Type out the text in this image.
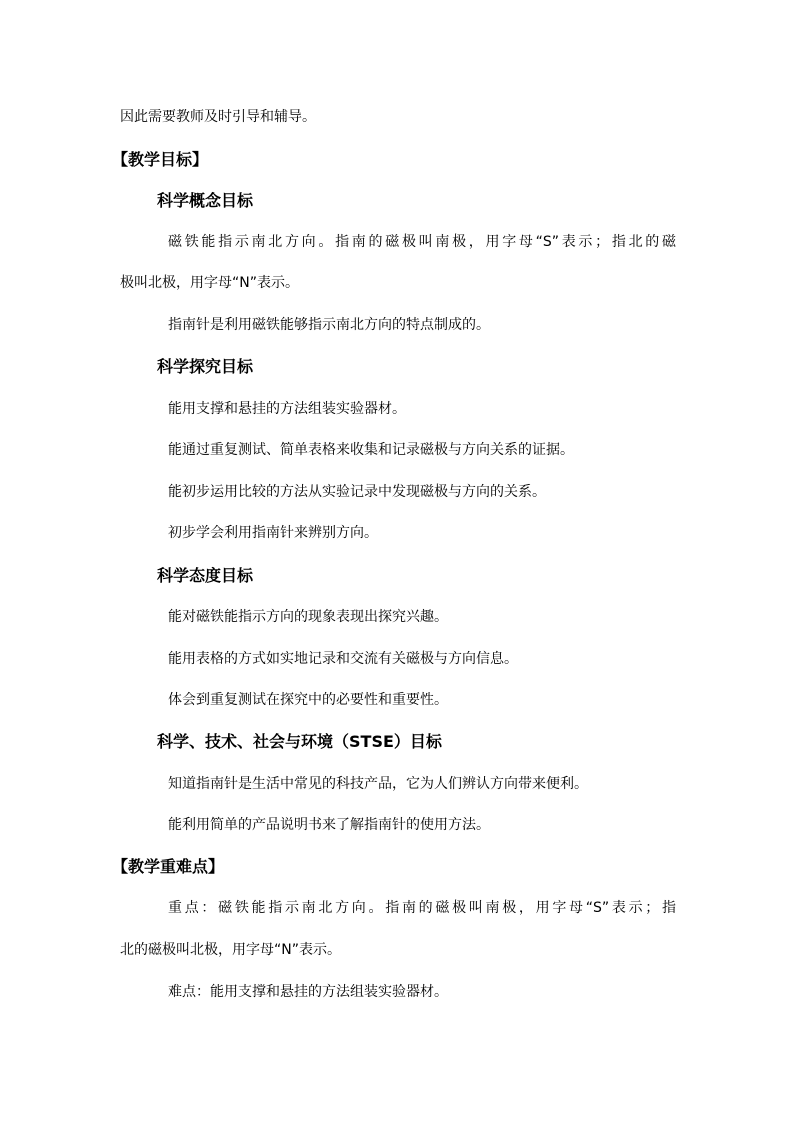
因此需要教师及时引导和辅导。
【教学目标】
科学概念目标
磁铁能指示南北方向。指南的磁极叫南极，用字母“S”表示；指北的磁
极叫北极，用字母“N”表示。
指南针是利用磁铁能够指示南北方向的特点制成的。
科学探究目标
能用支撑和悬挂的方法组装实验器材。
能通过重复测试、简单表格来收集和记录磁极与方向关系的证据。
能初步运用比较的方法从实验记录中发现磁极与方向的关系。
初步学会利用指南针来辨别方向。
科学态度目标
能对磁铁能指示方向的现象表现出探究兴趣。
能用表格的方式如实地记录和交流有关磁极与方向信息。
体会到重复测试在探究中的必要性和重要性。
科学、技术、社会与环境（STSE）目标
知道指南针是生活中常见的科技产品，它为人们辨认方向带来便利。
能利用简单的产品说明书来了解指南针的使用方法。
【教学重难点】
重点：磁铁能指示南北方向。指南的磁极叫南极，用字母“S”表示；指
北的磁极叫北极，用字母“N”表示。
难点：能用支撑和悬挂的方法组装实验器材。
